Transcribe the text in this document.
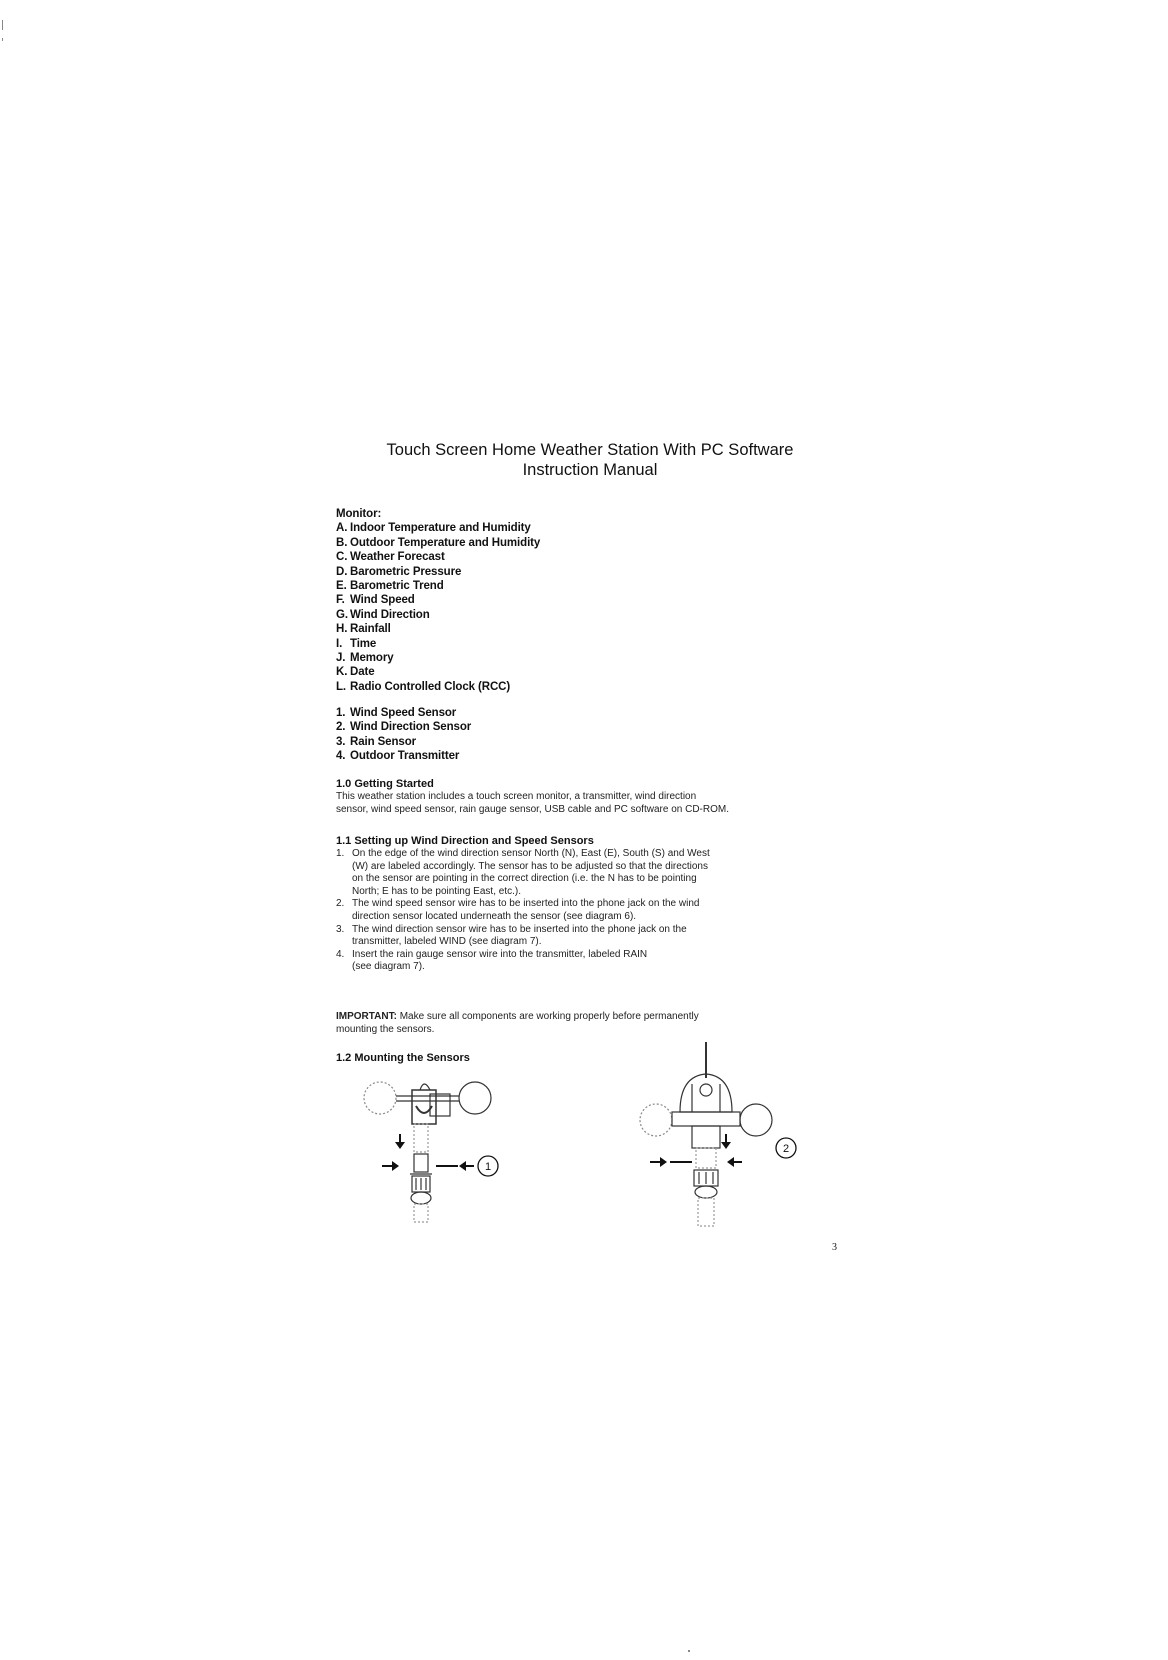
Touch Screen Home Weather Station With PC Software
Instruction Manual
Monitor:
A. Indoor Temperature and Humidity
B. Outdoor Temperature and Humidity
C. Weather Forecast
D. Barometric Pressure
E. Barometric Trend
F. Wind Speed
G. Wind Direction
H. Rainfall
I. Time
J. Memory
K. Date
L. Radio Controlled Clock (RCC)
1. Wind Speed Sensor
2. Wind Direction Sensor
3. Rain Sensor
4. Outdoor Transmitter
1.0 Getting Started
This weather station includes a touch screen monitor, a transmitter, wind direction
sensor, wind speed sensor, rain gauge sensor, USB cable and PC software on CD-ROM.
1.1 Setting up Wind Direction and Speed Sensors
1. On the edge of the wind direction sensor North (N), East (E), South (S) and West
(W) are labeled accordingly. The sensor has to be adjusted so that the directions
on the sensor are pointing in the correct direction (i.e. the N has to be pointing
North; E has to be pointing East, etc.).
2. The wind speed sensor wire has to be inserted into the phone jack on the wind
direction sensor located underneath the sensor (see diagram 6).
3. The wind direction sensor wire has to be inserted into the phone jack on the
transmitter, labeled WIND (see diagram 7).
4. Insert the rain gauge sensor wire into the transmitter, labeled RAIN
(see diagram 7).
IMPORTANT: Make sure all components are working properly before permanently
mounting the sensors.
1.2 Mounting the Sensors
1
2
3
